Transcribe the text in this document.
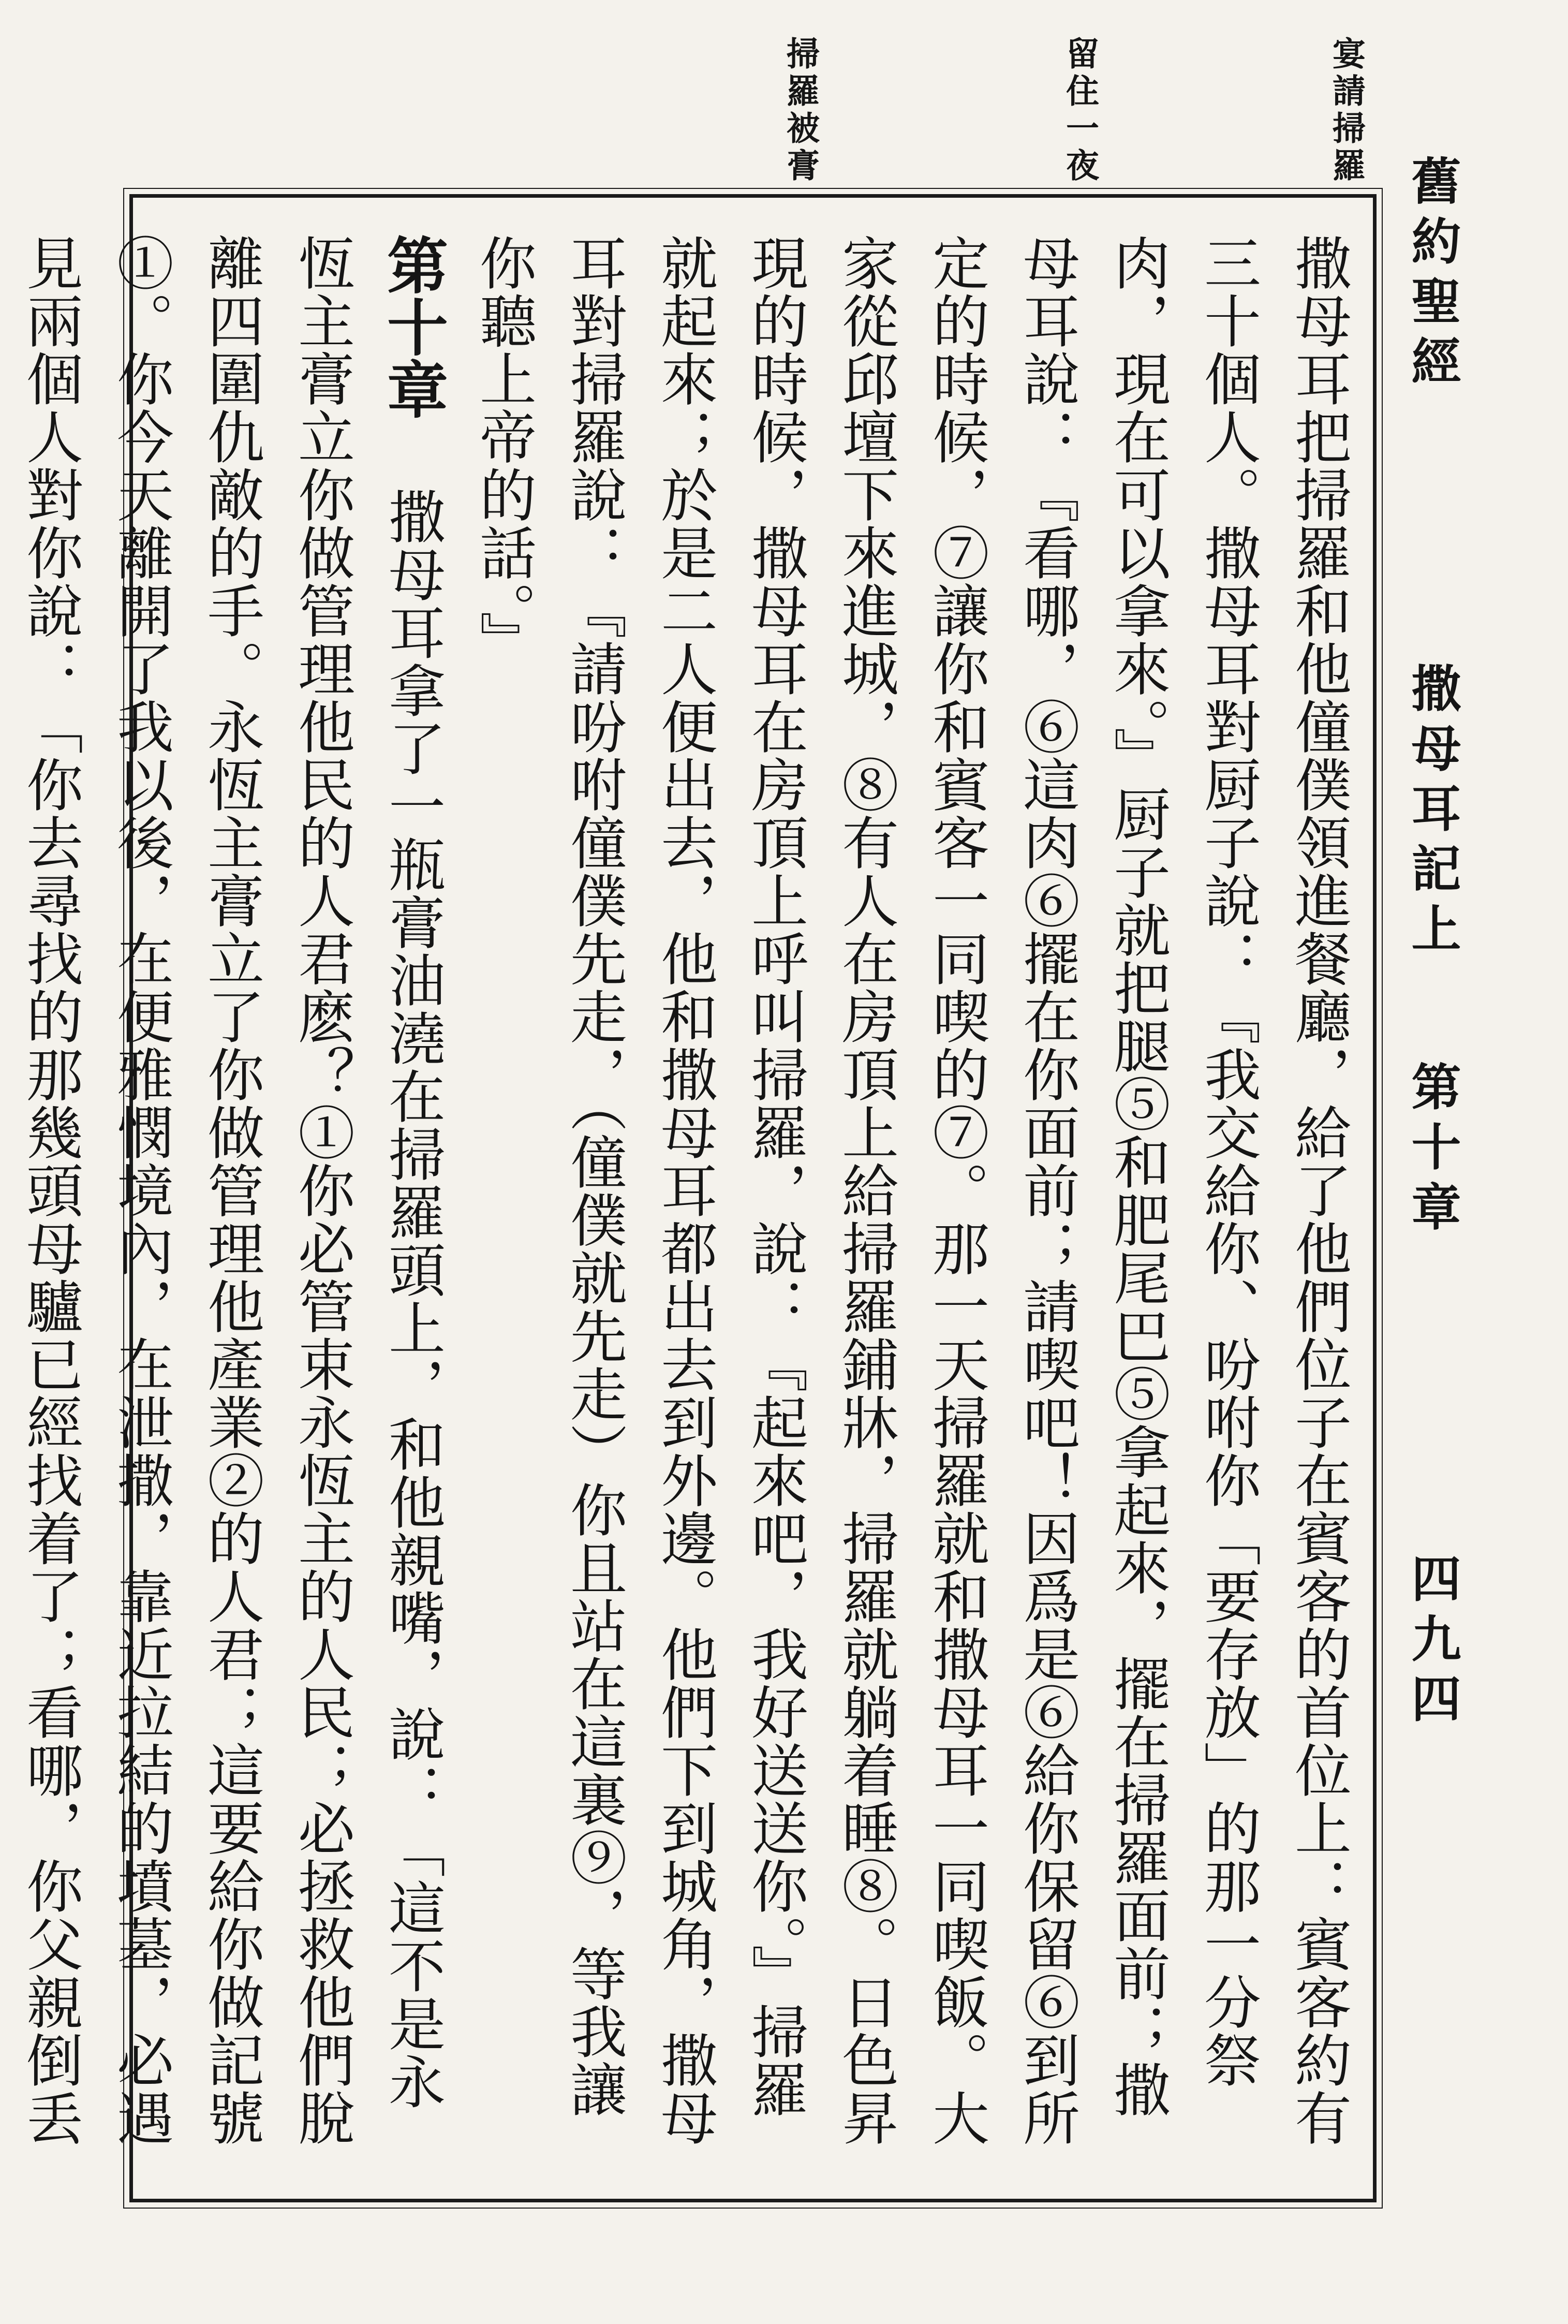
舊約聖經
撒母耳記上
第十章
四九四
宴請掃羅
留住一夜
掃羅被膏
撒母耳把掃羅和他僮僕領進餐廳，給了他們位子在賓客的首位上：賓客約有三十個人。撒母耳對厨子說：『我交給你、吩咐你「要存放」的那一分祭肉，現在可以拿來。』厨子就把腿⑤和肥尾巴⑤拿起來，擺在掃羅面前；撒母耳說：『看哪，⑥這肉⑥擺在你面前；請喫吧！因爲是⑥給你保留⑥到所定的時候，⑦讓你和賓客一同喫的⑦。那一天掃羅就和撒母耳一同喫飯。大家從邱壇下來進城，⑧有人在房頂上給掃羅鋪牀，掃羅就躺着睡⑧。日色昇現的時候，撒母耳在房頂上呼叫掃羅，說：『起來吧，我好送送你。』掃羅就起來；於是二人便出去，他和撒母耳都出去到外邊。他們下到城角，撒母耳對掃羅說：『請吩咐僮僕先走，（僮僕就先走）你且站在這裏⑨，等我讓你聽上帝的話。』
第十章 撒母耳拿了一瓶膏油澆在掃羅頭上，和他親嘴，說：「這不是永恆主膏立你做管理他民的人君麽？①你必管束永恆主的人民；必拯救他們脫離四圍仇敵的手。永恆主膏立了你做管理他產業②的人君；這要給你做記號①。你今天離開了我以後，在便雅憫境內，在泄撒，靠近拉結的墳墓，必遇見兩個人對你說：「你去尋找的那幾頭母驢已經找着了；看哪，你父親倒丢
